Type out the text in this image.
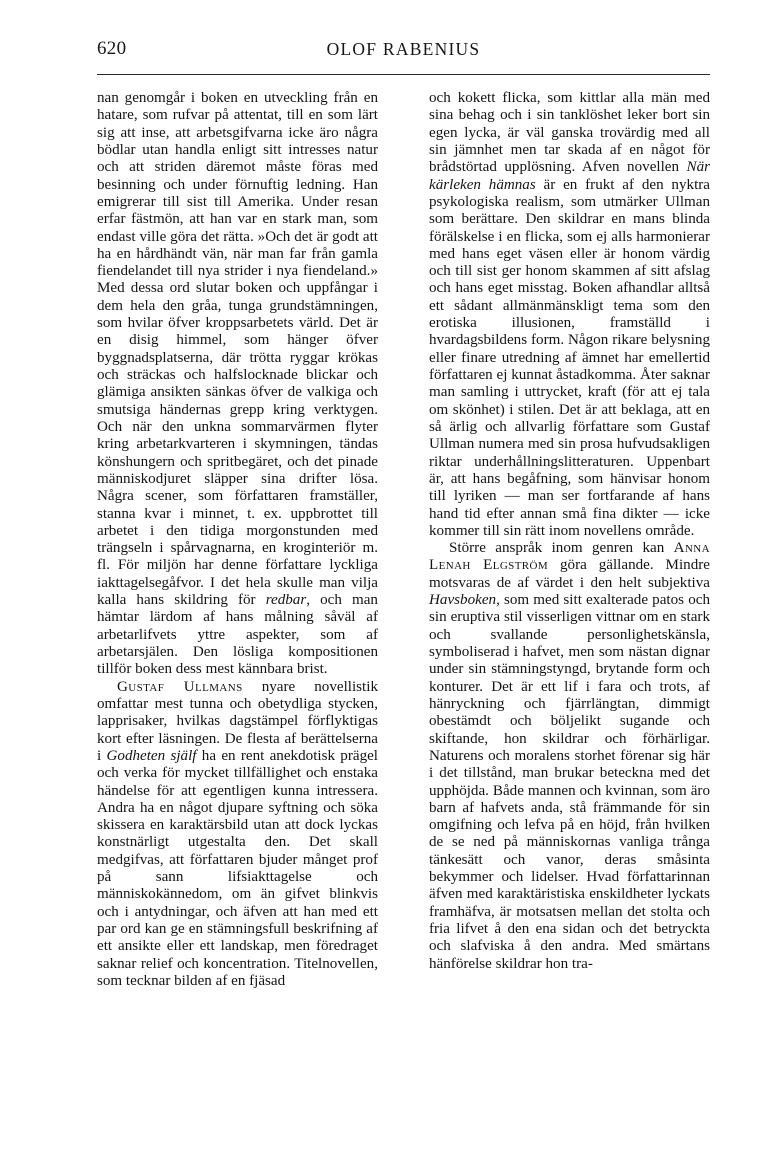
620	OLOF RABENIUS

nan genomgår i boken en utveckling från en hatare, som rufvar på attentat, till en som lärt sig att inse, att arbetsgifvarna icke äro några bödlar utan handla enligt sitt intresses natur och att striden däremot måste föras med besinning och under förnuftig ledning. Han emigrerar till sist till Amerika. Under resan erfar fästmön, att han var en stark man, som endast ville göra det rätta. »Och det är godt att ha en hårdhändt vän, när man far från gamla fiendelandet till nya strider i nya fiendeland.» Med dessa ord slutar boken och uppfångar i dem hela den gråa, tunga grundstämningen, som hvilar öfver kroppsarbetets värld. Det är en disig himmel, som hänger öfver byggnadsplatserna, där trötta ryggar krökas och sträckas och halfslocknade blickar och glämiga ansikten sänkas öfver de valkiga och smutsiga händernas grepp kring verktygen. Och när den unkna sommarvärmen flyter kring arbetarkvarteren i skymningen, tändas könshungern och spritbegäret, och det pinade människodjuret släpper sina drifter lösa. Några scener, som författaren framställer, stanna kvar i minnet, t. ex. uppbrottet till arbetet i den tidiga morgonstunden med trängseln i spårvagnarna, en kroginteriör m. fl. För miljön har denne författare lyckliga iakttagelsegåfvor. I det hela skulle man vilja kalla hans skildring för redbar, och man hämtar lärdom af hans målning såväl af arbetarlifvets yttre aspekter, som af arbetarsjälen. Den lösliga kompositionen tillför boken dess mest kännbara brist.

Gustaf Ullmans nyare novellistik omfattar mest tunna och obetydliga stycken, lapprisaker, hvilkas dagstämpel förflyktigas kort efter läsningen. De flesta af berättelserna i Godheten själf ha en rent anekdotisk prägel och verka för mycket tillfällighet och enstaka händelse för att egentligen kunna intressera. Andra ha en något djupare syftning och söka skissera en karaktärsbild utan att dock lyckas konstnärligt utgestalta den. Det skall medgifvas, att författaren bjuder månget prof på sann lifsiakttagelse och människokännedom, om än gifvet blinkvis och i antydningar, och äfven att han med ett par ord kan ge en stämningsfull beskrifning af ett ansikte eller ett landskap, men föredraget saknar relief och koncentration. Titelnovellen, som tecknar bilden af en fjäsad

och kokett flicka, som kittlar alla män med sina behag och i sin tanklöshet leker bort sin egen lycka, är väl ganska trovärdig med all sin jämnhet men tar skada af en något för brådstörtad upplösning. Afven novellen När kärleken hämnas är en frukt af den nyktra psykologiska realism, som utmärker Ullman som berättare. Den skildrar en mans blinda förälskelse i en flicka, som ej alls harmonierar med hans eget väsen eller är honom värdig och till sist ger honom skammen af sitt afslag och hans eget misstag. Boken afhandlar alltså ett sådant allmänmänskligt tema som den erotiska illusionen, framställd i hvardagsbildens form. Någon rikare belysning eller finare utredning af ämnet har emellertid författaren ej kunnat åstadkomma. Åter saknar man samling i uttrycket, kraft (för att ej tala om skönhet) i stilen. Det är att beklaga, att en så ärlig och allvarlig författare som Gustaf Ullman numera med sin prosa hufvudsakligen riktar underhållningslitteraturen. Uppenbart är, att hans begåfning, som hänvisar honom till lyriken — man ser fortfarande af hans hand tid efter annan små fina dikter — icke kommer till sin rätt inom novellens område.

Större anspråk inom genren kan Anna Lenah Elgström göra gällande. Mindre motsvaras de af värdet i den helt subjektiva Havsboken, som med sitt exalterade patos och sin eruptiva stil visserligen vittnar om en stark och svallande personlighetskänsla, symboliserad i hafvet, men som nästan dignar under sin stämningstyngd, brytande form och konturer. Det är ett lif i fara och trots, af hänryckning och fjärrlängtan, dimmigt obestämdt och böljelikt sugande och skiftande, hon skildrar och förhärligar. Naturens och moralens storhet förenar sig här i det tillstånd, man brukar beteckna med det upphöjda. Både mannen och kvinnan, som äro barn af hafvets anda, stå främmande för sin omgifning och lefva på en höjd, från hvilken de se ned på människornas vanliga trånga tänkesätt och vanor, deras småsinta bekymmer och lidelser. Hvad författarinnan äfven med karaktäristiska enskildheter lyckats framhäfva, är motsatsen mellan det stolta och fria lifvet å den ena sidan och det betryckta och slafviska å den andra. Med smärtans hänförelse skildrar hon tra-
